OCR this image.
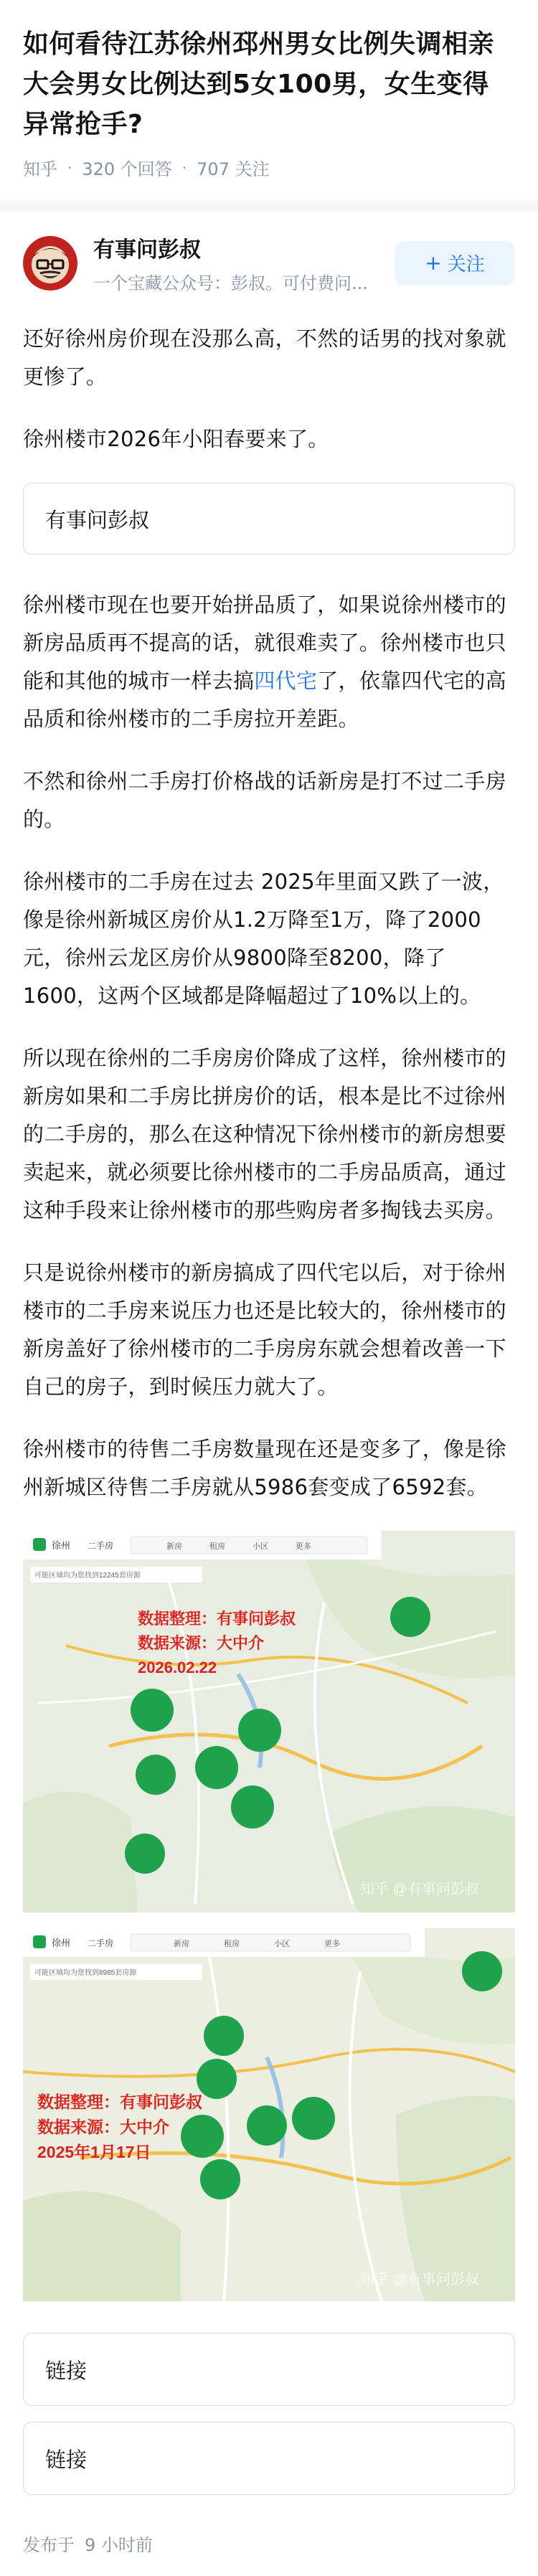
如何看待江苏徐州邳州男女比例失调相亲大会男女比例达到5女100男，女生变得异常抢手?
知乎 · 320 个回答 · 707 关注
有事问彭叔
一个宝藏公众号：彭叔。可付费问...
+ 关注

还好徐州房价现在没那么高，不然的话男的找对象就更惨了。

徐州楼市2026年小阳春要来了。

有事问彭叔

徐州楼市现在也要开始拼品质了，如果说徐州楼市的新房品质再不提高的话，就很难卖了。徐州楼市也只能和其他的城市一样去搞四代宅了，依靠四代宅的高品质和徐州楼市的二手房拉开差距。

不然和徐州二手房打价格战的话新房是打不过二手房的。

徐州楼市的二手房在过去 2025年里面又跌了一波，像是徐州新城区房价从1.2万降至1万，降了2000元，徐州云龙区房价从9800降至8200，降了1600，这两个区域都是降幅超过了10%以上的。

所以现在徐州的二手房房价降成了这样，徐州楼市的新房如果和二手房比拼房价的话，根本是比不过徐州的二手房的，那么在这种情况下徐州楼市的新房想要卖起来，就必须要比徐州楼市的二手房品质高，通过这种手段来让徐州楼市的那些购房者多掏钱去买房。

只是说徐州楼市的新房搞成了四代宅以后，对于徐州楼市的二手房来说压力也还是比较大的，徐州楼市的新房盖好了徐州楼市的二手房房东就会想着改善一下自己的房子，到时候压力就大了。

徐州楼市的待售二手房数量现在还是变多了，像是徐州新城区待售二手房就从5986套变成了6592套。

徐州 二手房	新房	租房	小区	更多
可能区域均为您找到12245套房源
数据整理：有事问彭叔
数据来源：大中介
2026.02.22
知乎 @有事问彭叔
徐州 二手房	新房	租房	小区	更多
可能区域均为您找到8985套房源
数据整理：有事问彭叔
数据来源：大中介
2025年1月17日
知乎 @有事问彭叔
链接
链接
发布于 9 小时前
